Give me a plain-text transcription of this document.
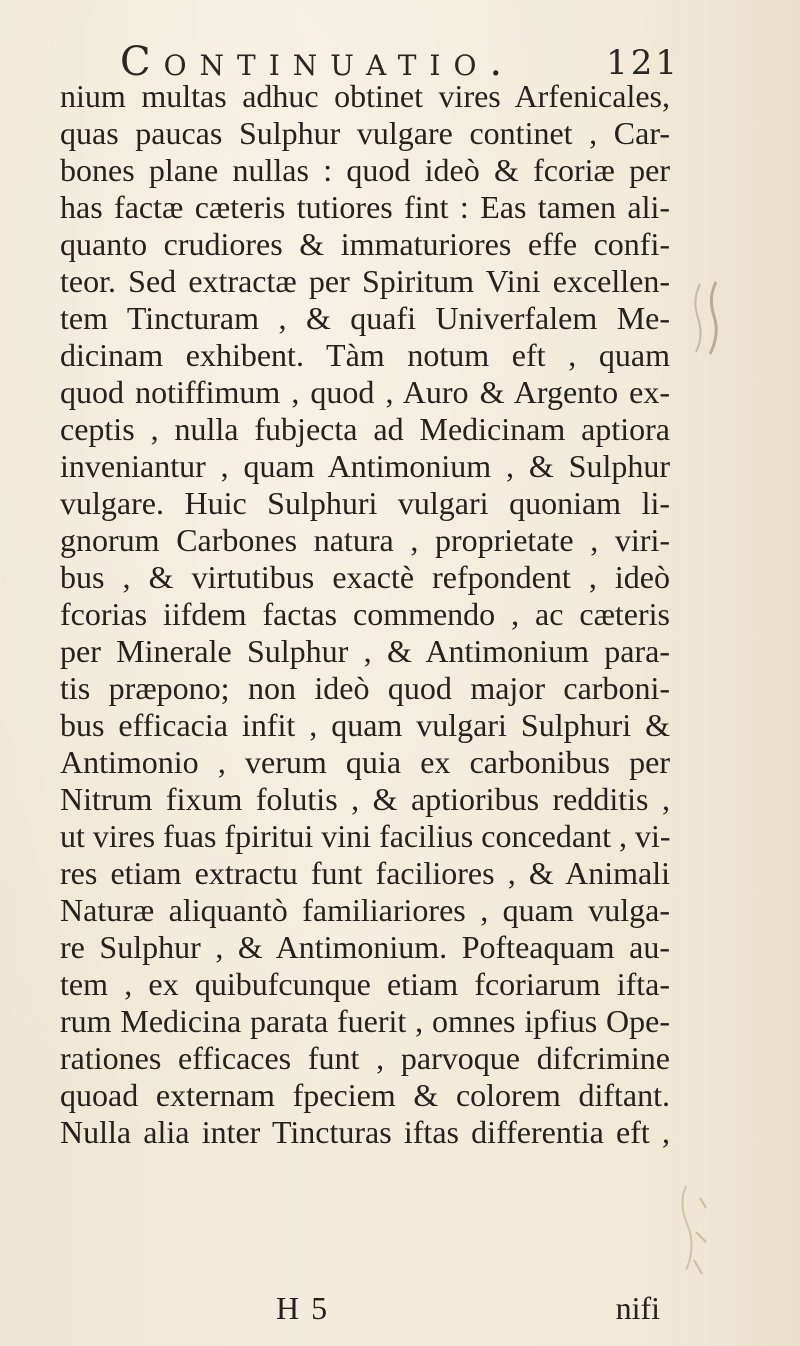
Continuatio.	121
nium multas adhuc obtinet vires Arfenicales,
quas paucas Sulphur vulgare continet , Car-
bones plane nullas : quod ideò & fcoriæ per
has factæ cæteris tutiores fint : Eas tamen ali-
quanto crudiores & immaturiores effe confi-
teor. Sed extractæ per Spiritum Vini excellen-
tem Tincturam , & quafi Univerfalem Me-
dicinam exhibent. Tàm notum eft , quam
quod notiffimum , quod , Auro & Argento ex-
ceptis , nulla fubjecta ad Medicinam aptiora
inveniantur , quam Antimonium , & Sulphur
vulgare. Huic Sulphuri vulgari quoniam li-
gnorum Carbones natura , proprietate , viri-
bus , & virtutibus exactè refpondent , ideò
fcorias iifdem factas commendo , ac cæteris
per Minerale Sulphur , & Antimonium para-
tis præpono; non ideò quod major carboni-
bus efficacia infit , quam vulgari Sulphuri &
Antimonio , verum quia ex carbonibus per
Nitrum fixum folutis , & aptioribus redditis ,
ut vires fuas fpiritui vini facilius concedant , vi-
res etiam extractu funt faciliores , & Animali
Naturæ aliquantò familiariores , quam vulga-
re Sulphur , & Antimonium. Pofteaquam au-
tem , ex quibufcunque etiam fcoriarum ifta-
rum Medicina parata fuerit , omnes ipfius Ope-
rationes efficaces funt , parvoque difcrimine
quoad externam fpeciem & colorem diftant.
Nulla alia inter Tincturas iftas differentia eft ,
H 5	nifi
